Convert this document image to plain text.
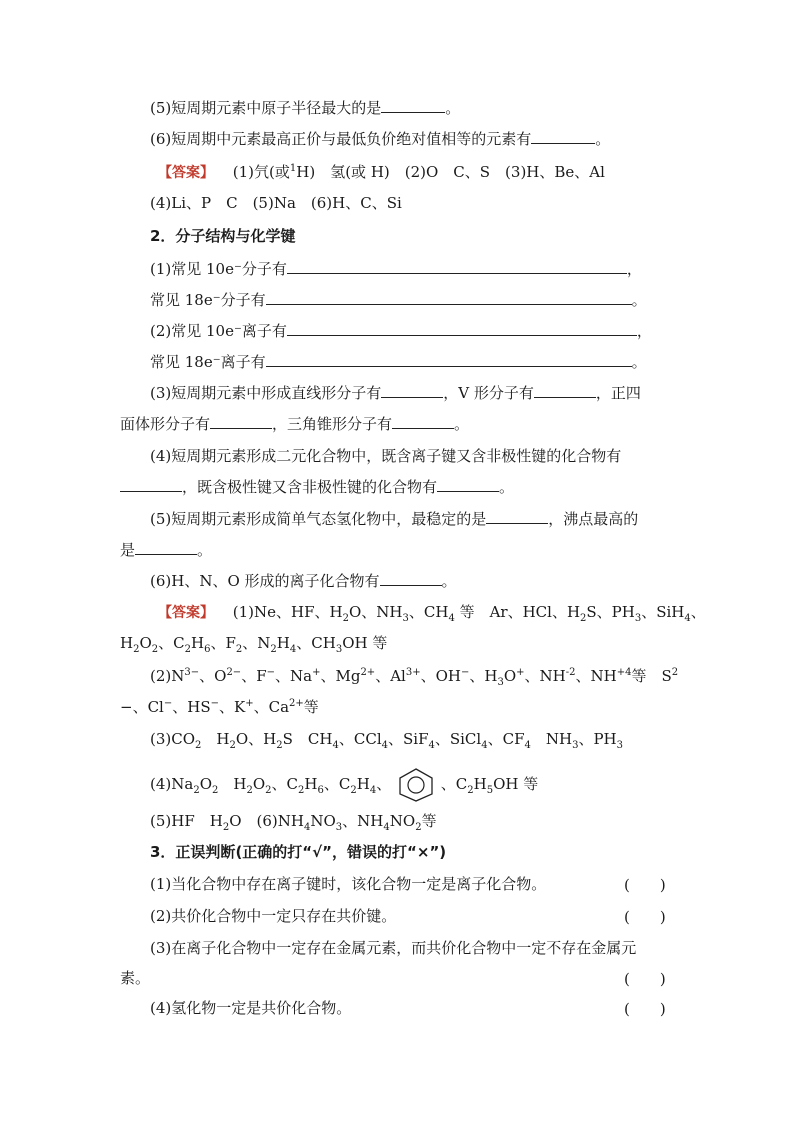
(5)短周期元素中原子半径最大的是	。
(6)短周期中元素最高正价与最低负价绝对值相等的元素有	。
【答案】 (1)氕(或$^1$H)　氢(或 H)　(2)O　C、S　(3)H、Be、Al
(4)Li、P　C　(5)Na　(6)H、C、Si
2．分子结构与化学键
(1)常见 10e⁻分子有	，
常见 18e⁻分子有	。
(2)常见 10e⁻离子有	，
常见 18e⁻离子有	。
(3)短周期元素中形成直线形分子有	，V 形分子有	，正四
面体形分子有	，三角锥形分子有	。
(4)短周期元素形成二元化合物中，既含离子键又含非极性键的化合物有
，既含极性键又含非极性键的化合物有	。
(5)短周期元素形成简单气态氢化物中，最稳定的是	，沸点最高的
是	。
(6)H、N、O 形成的离子化合物有	。
【答案】 (1)Ne、HF、$H_2O$、$NH_3$、$CH_4$ 等　Ar、HCl、$H_2S$、$PH_3$、SiH$_4$、
$H_2O_2$、$C_2H_6$、$F_2$、$N_2H_4$、$CH_3OH$ 等
$(2)N^{3-}$、$O^{2-}$、F−、Na+、$Mg^{2+}$、$Al^{3+}$、OH−、$H_3O^+$、$NH^{-2}$、$NH^{+4}$等　$S^2$
−、Cl−、HS−、K+、$Ca^{2+}$等
$(3)CO_2$　$H_2O$、$H_2S$　$CH_4$、CCl$_4$、SiF$_4$、SiCl$_4$、$CF_4$　$NH_3$、$PH_3$
$(4)Na_2O_2$　$H_2O_2$、$C_2H_6$、$C_2H_4$、	、$C_2H_5OH$ 等
(5)HF　$H_2O$　$(6)NH_4NO_3$、$NH_4NO_2$等
3．正误判断(正确的打“√”，错误的打“×”)
(1)当化合物中存在离子键时，该化合物一定是离子化合物。	(　　)
(2)共价化合物中一定只存在共价键。	(　　)
(3)在离子化合物中一定存在金属元素，而共价化合物中一定不存在金属元
素。	(　　)
(4)氢化物一定是共价化合物。	(　　)
